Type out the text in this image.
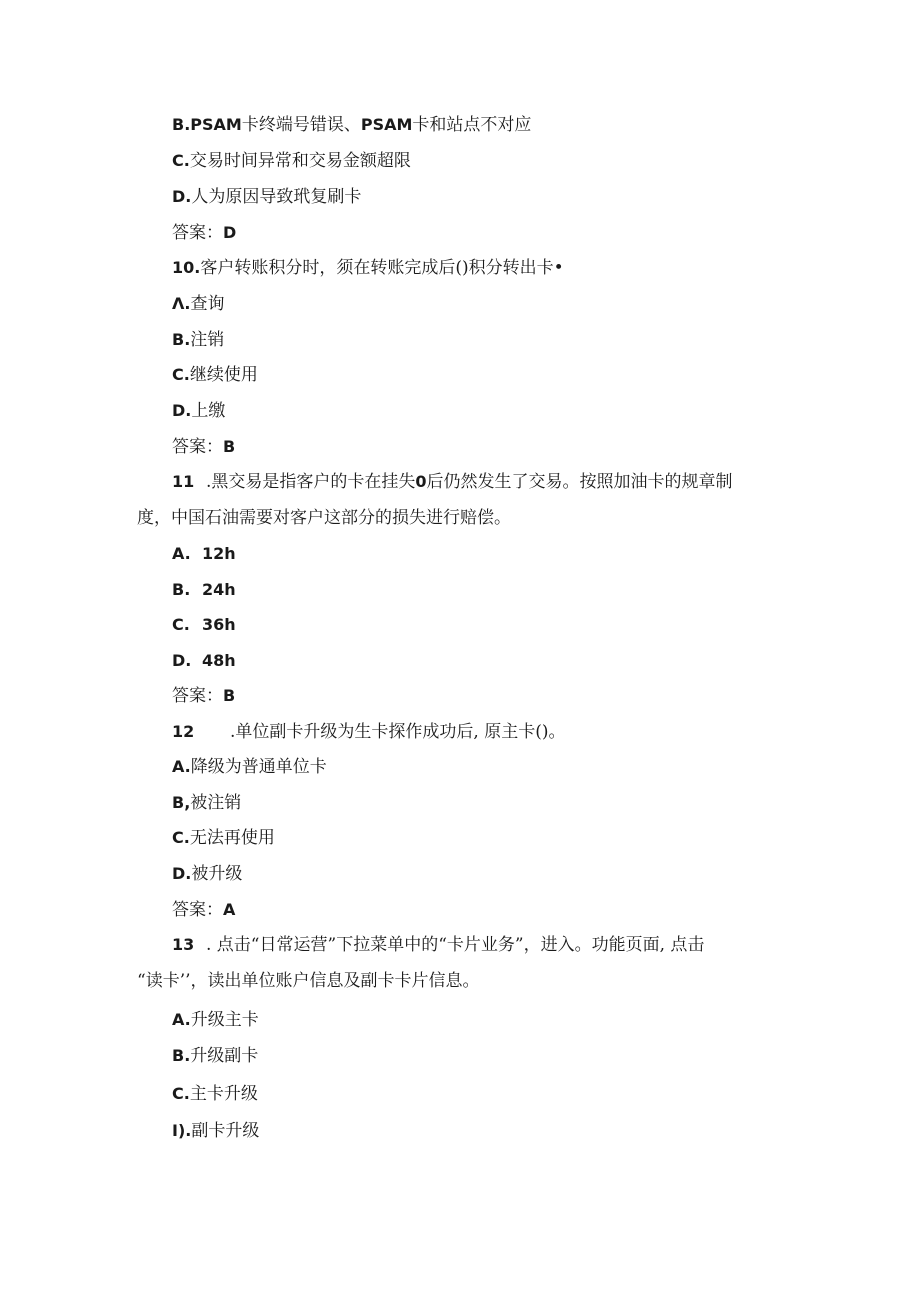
B.PSAM卡终端号错误、PSAM卡和站点不对应
C.交易时间异常和交易金额超限
D.人为原因导致玳复刷卡
答案：D
10.客户转账积分时，须在转账完成后()积分转出卡•
Λ.查询
B.注销
C.继续使用
D.上缴
答案：B
11 .黑交易是指客户的卡在挂失0后仍然发生了交易。按照加油卡的规章制
度，中国石油需要对客户这部分的损失进行赔偿。
A. 12h
B. 24h
C. 36h
D. 48h
答案：B
12 .单位副卡升级为生卡探作成功后, 原主卡()。
A.降级为普通单位卡
B,被注销
C.无法再使用
D.被升级
答案：A
13 . 点击“日常运营”下拉菜单中的“卡片业务”，进入。功能页面, 点击
“读卡’’，读出单位账户信息及副卡卡片信息。
A.升级主卡
B.升级副卡
C.主卡升级
I).副卡升级
